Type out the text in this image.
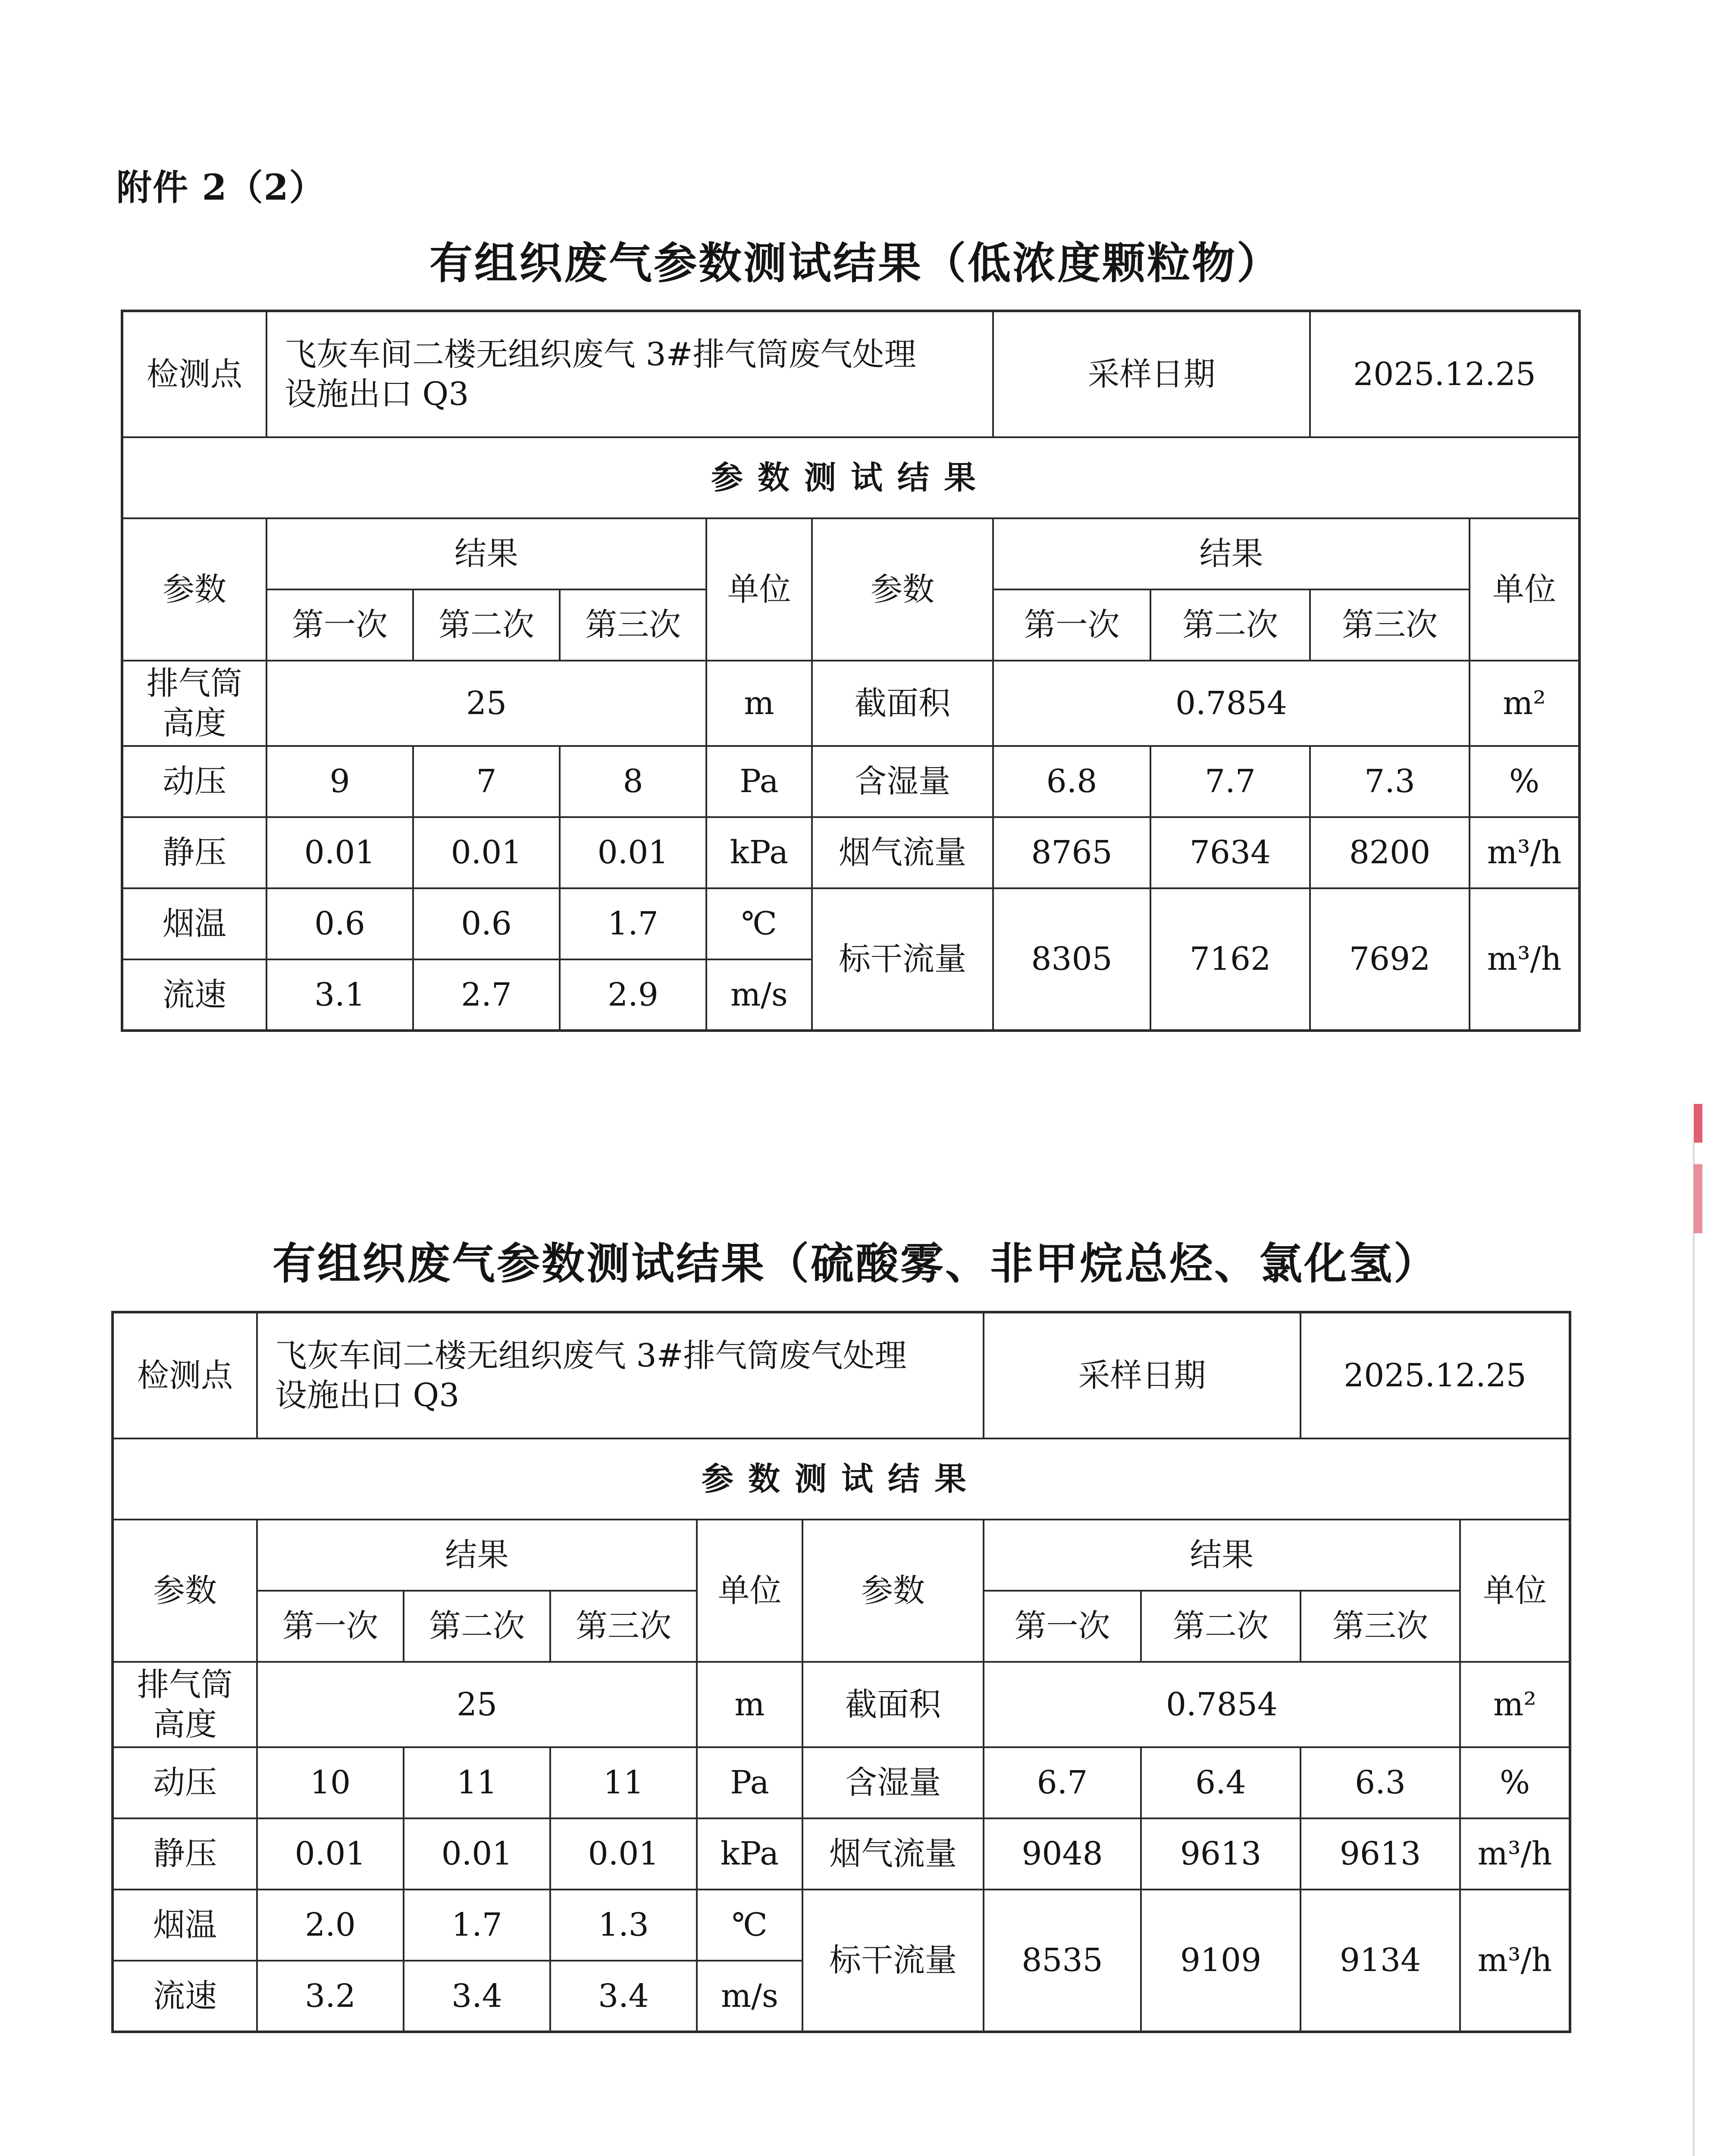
附件 2（2）
有组织废气参数测试结果（低浓度颗粒物）
检测点	飞灰车间二楼无组织废气 3#排气筒废气处理
设施出口 Q3					采样日期		2025.12.25	
参数测试结果									
参数	结果			单位	参数	结果			单位
	第一次	第二次	第三次			第一次	第二次	第三次	

排气筒
高度	25			m	截面积	0.7854			m²
动压	9	7	8	Pa	含湿量	6.8	7.7	7.3	%
静压	0.01	0.01	0.01	kPa	烟气流量	8765	7634	8200	m³/h
烟温	0.6	0.6	1.7	℃	标干流量	8305	7162	7692	m³/h
流速	3.1	2.7	2.9	m/s					
有组织废气参数测试结果（硫酸雾、非甲烷总烃、氯化氢）
检测点	飞灰车间二楼无组织废气 3#排气筒废气处理
设施出口 Q3					采样日期		2025.12.25	
参数测试结果									
参数	结果			单位	参数	结果			单位
	第一次	第二次	第三次			第一次	第二次	第三次	

排气筒
高度	25			m	截面积	0.7854			m²
动压	10	11	11	Pa	含湿量	6.7	6.4	6.3	%
静压	0.01	0.01	0.01	kPa	烟气流量	9048	9613	9613	m³/h
烟温	2.0	1.7	1.3	℃	标干流量	8535	9109	9134	m³/h
流速	3.2	3.4	3.4	m/s					
